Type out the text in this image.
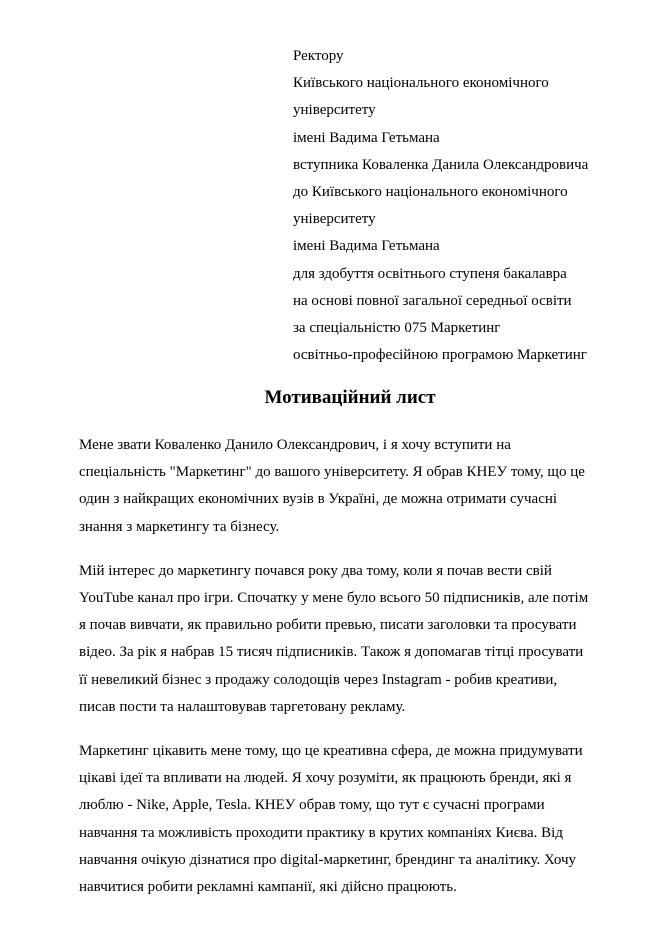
Ректору
Київського національного економічного
університету
імені Вадима Гетьмана
вступника Коваленка Данила Олександровича
до Київського національного економічного
університету
імені Вадима Гетьмана
для здобуття освітнього ступеня бакалавра
на основі повної загальної середньої освіти
за спеціальністю 075 Маркетинг
освітньо-професійною програмою Маркетинг
Мотиваційний лист

Мене звати Коваленко Данило Олександрович, і я хочу вступити на
спеціальність "Маркетинг" до вашого університету. Я обрав КНЕУ тому, що це
один з найкращих економічних вузів в Україні, де можна отримати сучасні
знання з маркетингу та бізнесу.

Мій інтерес до маркетингу почався року два тому, коли я почав вести свій
YouTube канал про ігри. Спочатку у мене було всього 50 підписників, але потім
я почав вивчати, як правильно робити превью, писати заголовки та просувати
відео. За рік я набрав 15 тисяч підписників. Також я допомагав тітці просувати
її невеликий бізнес з продажу солодощів через Instagram - робив креативи,
писав пости та налаштовував таргетовану рекламу.

Маркетинг цікавить мене тому, що це креативна сфера, де можна придумувати
цікаві ідеї та впливати на людей. Я хочу розуміти, як працюють бренди, які я
люблю - Nike, Apple, Tesla. КНЕУ обрав тому, що тут є сучасні програми
навчання та можливість проходити практику в крутих компаніях Києва. Від
навчання очікую дізнатися про digital-маркетинг, брендинг та аналітику. Хочу
навчитися робити рекламні кампанії, які дійсно працюють.
